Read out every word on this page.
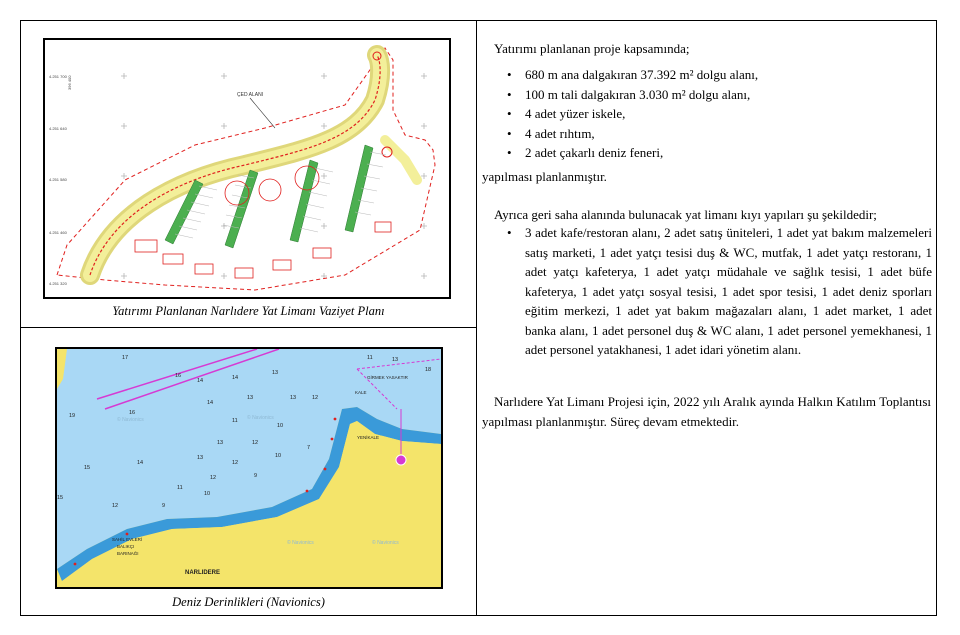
4.251 700
4.251 640
4.251 580
4.251 460
4.251 320
396 400
ÇED ALANI
Yatırımı Planlanan Narlıdere Yat Limanı Vaziyet Planı
17
16
14	14
13
14
13	13
16
19
11
10
13	12
13
12
10
14
15
12	9
11
10
15
12	9
12
7
13
18
11
NARLIDERE
KALE
YENİKALE
SAHİL EVLERİ
BALIKÇI
BARINAĞI
GİRMEK YASAKTIR
© Navionics	© Navionics
© Navionics	© Navionics
Deniz Derinlikleri (Navionics)
Yatırımı planlanan proje kapsamında;
• 680 m ana dalgakıran 37.392 m² dolgu alanı,
• 100 m tali dalgakıran 3.030 m² dolgu alanı,
• 4 adet yüzer iskele,
• 4 adet rıhtım,
• 2 adet çakarlı deniz feneri,
yapılması planlanmıştır.
Ayrıca geri saha alanında bulunacak yat limanı kıyı yapıları şu şekildedir;
• 3 adet kafe/restoran alanı, 2 adet satış üniteleri, 1 adet yat bakım malzemeleri satış marketi, 1 adet yatçı tesisi duş & WC, mutfak, 1 adet yatçı restoranı, 1 adet yatçı kafeterya, 1 adet yatçı müdahale ve sağlık tesisi, 1 adet büfe kafeterya, 1 adet yatçı sosyal tesisi, 1 adet spor tesisi, 1 adet deniz sporları eğitim merkezi, 1 adet yat bakım mağazaları alanı, 1 adet market, 1 adet banka alanı, 1 adet personel duş & WC alanı, 1 adet personel yemekhanesi, 1 adet personel yatakhanesi, 1 adet idari yönetim alanı.
Narlıdere Yat Limanı Projesi için, 2022 yılı Aralık ayında Halkın Katılım Toplantısı yapılması planlanmıştır. Süreç devam etmektedir.
